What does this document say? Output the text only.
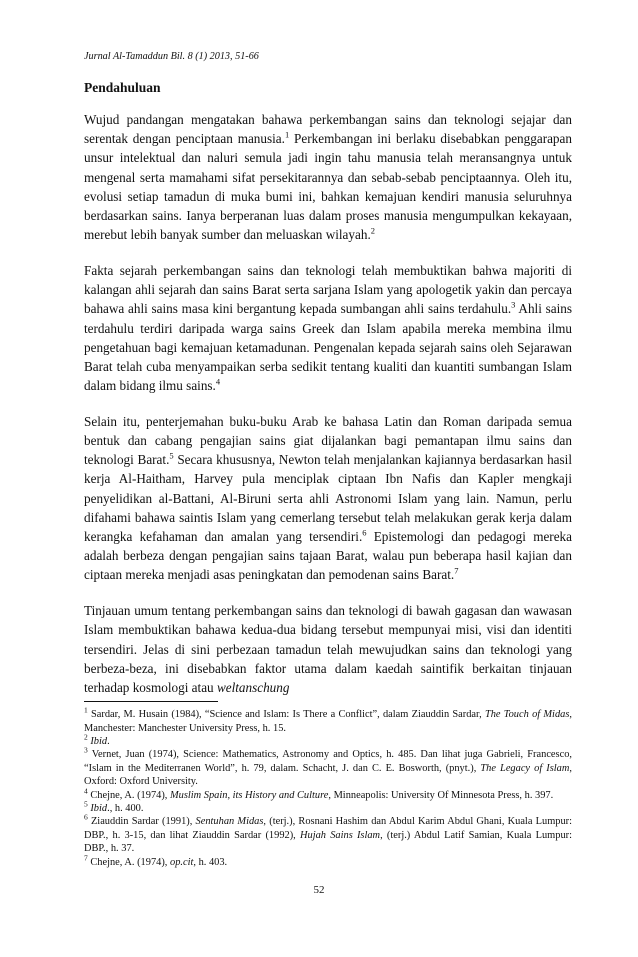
Jurnal Al-Tamaddun Bil. 8 (1) 2013, 51-66
Pendahuluan

Wujud pandangan mengatakan bahawa perkembangan sains dan teknologi sejajar dan serentak dengan penciptaan manusia.$^1$ Perkembangan ini berlaku disebabkan penggarapan unsur intelektual dan naluri semula jadi ingin tahu manusia telah meransangnya untuk mengenal serta mamahami sifat persekitarannya dan sebab-sebab penciptaannya. Oleh itu, evolusi setiap tamadun di muka bumi ini, bahkan kemajuan kendiri manusia seluruhnya berdasarkan sains. Ianya berperanan luas dalam proses manusia mengumpulkan kekayaan, merebut lebih banyak sumber dan meluaskan wilayah.$^2$

Fakta sejarah perkembangan sains dan teknologi telah membuktikan bahwa majoriti di kalangan ahli sejarah dan sains Barat serta sarjana Islam yang apologetik yakin dan percaya bahawa ahli sains masa kini bergantung kepada sumbangan ahli sains terdahulu.$^3$ Ahli sains terdahulu terdiri daripada warga sains Greek dan Islam apabila mereka membina ilmu pengetahuan bagi kemajuan ketamadunan. Pengenalan kepada sejarah sains oleh Sejarawan Barat telah cuba menyampaikan serba sedikit tentang kualiti dan kuantiti sumbangan Islam dalam bidang ilmu sains.$^4$

Selain itu, penterjemahan buku-buku Arab ke bahasa Latin dan Roman daripada semua bentuk dan cabang pengajian sains giat dijalankan bagi pemantapan ilmu sains dan teknologi Barat.$^5$ Secara khususnya, Newton telah menjalankan kajiannya berdasarkan hasil kerja Al-Haitham, Harvey pula menciplak ciptaan Ibn Nafis dan Kapler mengkaji penyelidikan al-Battani, Al-Biruni serta ahli Astronomi Islam yang lain. Namun, perlu difahami bahawa saintis Islam yang cemerlang tersebut telah melakukan gerak kerja dalam kerangka kefahaman dan amalan yang tersendiri.$^6$ Epistemologi dan pedagogi mereka adalah berbeza dengan pengajian sains tajaan Barat, walau pun beberapa hasil kajian dan ciptaan mereka menjadi asas peningkatan dan pemodenan sains Barat.$^7$

Tinjauan umum tentang perkembangan sains dan teknologi di bawah gagasan dan wawasan Islam membuktikan bahawa kedua-dua bidang tersebut mempunyai misi, visi dan identiti tersendiri. Jelas di sini perbezaan tamadun telah mewujudkan sains dan teknologi yang berbeza-beza, ini disebabkan faktor utama dalam kaedah saintifik berkaitan tinjauan terhadap kosmologi atau weltanschung

$^1$ Sardar, M. Husain (1984), “Science and Islam: Is There a Conflict”, dalam Ziauddin Sardar, The Touch of Midas, Manchester: Manchester University Press, h. 15.

$^2$ Ibid.

$^3$ Vernet, Juan (1974), Science: Mathematics, Astronomy and Optics, h. 485. Dan lihat juga Gabrieli, Francesco, “Islam in the Mediterranen World”, h. 79, dalam. Schacht, J. dan C. E. Bosworth, (pnyt.), The Legacy of Islam, Oxford: Oxford University.

$^4$ Chejne, A. (1974), Muslim Spain, its History and Culture, Minneapolis: University Of Minnesota Press, h. 397.

$^5$ Ibid., h. 400.

$^6$ Ziauddin Sardar (1991), Sentuhan Midas, (terj.), Rosnani Hashim dan Abdul Karim Abdul Ghani, Kuala Lumpur: DBP., h. 3-15, dan lihat Ziauddin Sardar (1992), Hujah Sains Islam, (terj.) Abdul Latif Samian, Kuala Lumpur: DBP., h. 37.

$^7$ Chejne, A. (1974), op.cit, h. 403.

52
